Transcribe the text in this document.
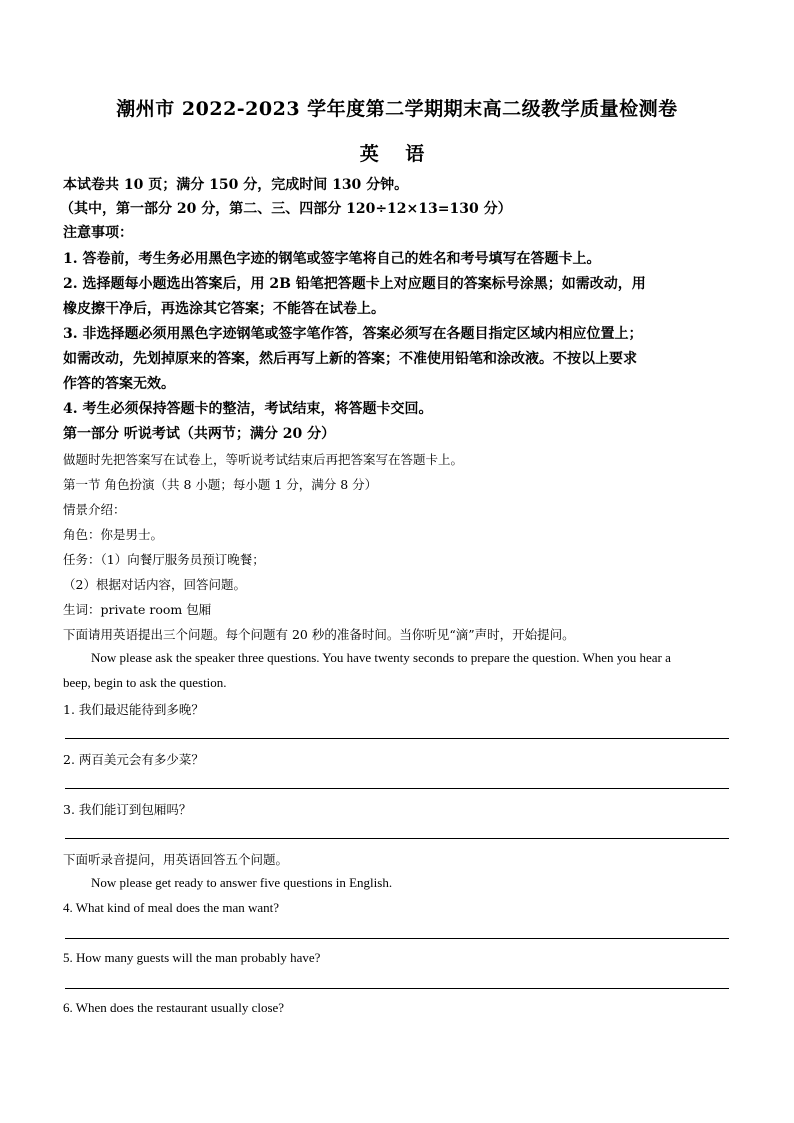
潮州市 2022-2023 学年度第二学期期末高二级教学质量检测卷
英 语
本试卷共 10 页；满分 150 分，完成时间 130 分钟。
（其中，第一部分 20 分，第二、三、四部分 120÷12×13=130 分）
注意事项：
1. 答卷前，考生务必用黑色字迹的钢笔或签字笔将自己的姓名和考号填写在答题卡上。
2. 选择题每小题选出答案后，用 2B 铅笔把答题卡上对应题目的答案标号涂黑；如需改动，用
橡皮擦干净后，再选涂其它答案；不能答在试卷上。
3. 非选择题必须用黑色字迹钢笔或签字笔作答，答案必须写在各题目指定区域内相应位置上；
如需改动，先划掉原来的答案，然后再写上新的答案；不准使用铅笔和涂改液。不按以上要求
作答的答案无效。
4. 考生必须保持答题卡的整洁，考试结束，将答题卡交回。
第一部分 听说考试（共两节；满分 20 分）
做题时先把答案写在试卷上，等听说考试结束后再把答案写在答题卡上。
第一节 角色扮演（共 8 小题；每小题 1 分，满分 8 分）
情景介绍：
角色：你是男士。
任务：（1）向餐厅服务员预订晚餐；
（2）根据对话内容，回答问题。
生词：private room 包厢
下面请用英语提出三个问题。每个问题有 20 秒的准备时间。当你听见“滴”声时，开始提问。
Now please ask the speaker three questions. You have twenty seconds to prepare the question. When you hear a
beep, begin to ask the question.
1. 我们最迟能待到多晚？
2. 两百美元会有多少菜？
3. 我们能订到包厢吗？
下面听录音提问，用英语回答五个问题。
Now please get ready to answer five questions in English.
4. What kind of meal does the man want?
5. How many guests will the man probably have?
6. When does the restaurant usually close?
